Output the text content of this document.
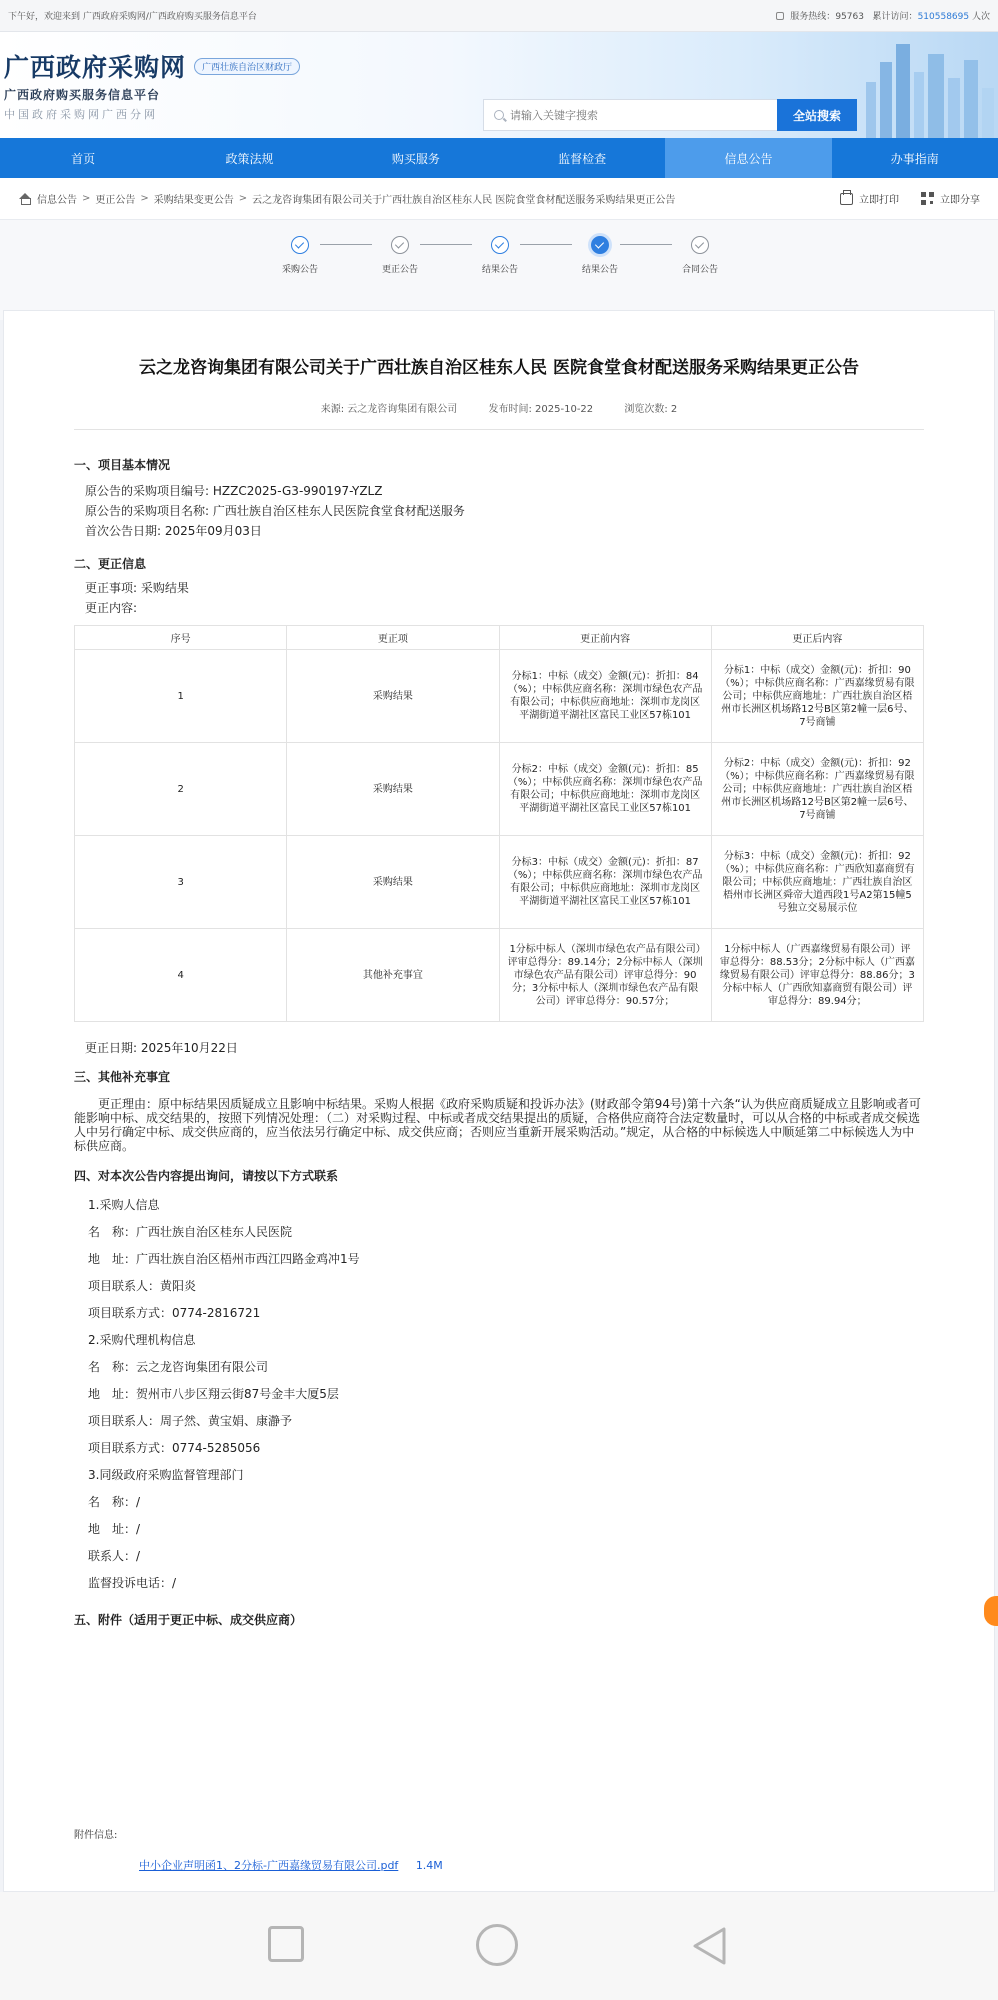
下午好，欢迎来到 广西政府采购网/广西政府购买服务信息平台	服务热线：95763 累计访问：510558695 人次
广西政府采购网	广西壮族自治区财政厅
广西政府购买服务信息平台
中国政府采购网广西分网
请输入关键字搜索	全站搜索
首页	政策法规	购买服务	监督检查	信息公告	办事指南
信息公告 > 更正公告 > 采购结果变更公告 > 云之龙咨询集团有限公司关于广西壮族自治区桂东人民 医院食堂食材配送服务采购结果更正公告	立即打印	立即分享
采购公告	更正公告	结果公告	结果公告	合同公告
云之龙咨询集团有限公司关于广西壮族自治区桂东人民 医院食堂食材配送服务采购结果更正公告
来源: 云之龙咨询集团有限公司	发布时间: 2025-10-22	浏览次数: 2
一、项目基本情况
原公告的采购项目编号: HZZC2025-G3-990197-YZLZ
原公告的采购项目名称: 广西壮族自治区桂东人民医院食堂食材配送服务
首次公告日期: 2025年09月03日
二、更正信息
更正事项: 采购结果
更正内容:
序号	更正项	更正前内容	更正后内容
1	采购结果	分标1：中标（成交）金额(元)：折扣：84（%）；中标供应商名称：深圳市绿色农产品有限公司；中标供应商地址：深圳市龙岗区平湖街道平湖社区富民工业区57栋101	分标1：中标（成交）金额(元)：折扣：90（%）；中标供应商名称：广西嘉缘贸易有限公司；中标供应商地址：广西壮族自治区梧州市长洲区机场路12号B区第2幢一层6号、7号商铺
2	采购结果	分标2：中标（成交）金额(元)：折扣：85（%）；中标供应商名称：深圳市绿色农产品有限公司；中标供应商地址：深圳市龙岗区平湖街道平湖社区富民工业区57栋101	分标2：中标（成交）金额(元)：折扣：92（%）；中标供应商名称：广西嘉缘贸易有限公司；中标供应商地址：广西壮族自治区梧州市长洲区机场路12号B区第2幢一层6号、7号商铺
3	采购结果	分标3：中标（成交）金额(元)：折扣：87（%）；中标供应商名称：深圳市绿色农产品有限公司；中标供应商地址：深圳市龙岗区平湖街道平湖社区富民工业区57栋101	分标3：中标（成交）金额(元)：折扣：92（%）；中标供应商名称：广西欣知嘉商贸有限公司；中标供应商地址：广西壮族自治区梧州市长洲区舜帝大道西段1号A2第15幢5号独立交易展示位
4	其他补充事宜	1分标中标人（深圳市绿色农产品有限公司）评审总得分：89.14分；2分标中标人（深圳市绿色农产品有限公司）评审总得分：90分；3分标中标人（深圳市绿色农产品有限公司）评审总得分：90.57分；	1分标中标人（广西嘉缘贸易有限公司）评审总得分：88.53分；2分标中标人（广西嘉缘贸易有限公司）评审总得分：88.86分；3分标中标人（广西欣知嘉商贸有限公司）评审总得分：89.94分；
更正日期: 2025年10月22日
三、其他补充事宜
更正理由：原中标结果因质疑成立且影响中标结果。采购人根据《政府采购质疑和投诉办法》(财政部令第94号)第十六条“认为供应商质疑成立且影响或者可能影响中标、成交结果的，按照下列情况处理：（二）对采购过程、中标或者成交结果提出的质疑，合格供应商符合法定数量时，可以从合格的中标或者成交候选人中另行确定中标、成交供应商的，应当依法另行确定中标、成交供应商；否则应当重新开展采购活动。”规定，从合格的中标候选人中顺延第二中标候选人为中标供应商。
四、对本次公告内容提出询问，请按以下方式联系
1.采购人信息
名　称：广西壮族自治区桂东人民医院
地　址：广西壮族自治区梧州市西江四路金鸡冲1号
项目联系人：黄阳炎
项目联系方式：0774-2816721
2.采购代理机构信息
名　称：云之龙咨询集团有限公司
地　址：贺州市八步区翔云街87号金丰大厦5层
项目联系人：周子然、黄宝娟、康瀞予
项目联系方式：0774-5285056
3.同级政府采购监督管理部门
名　称：/
地　址：/
联系人：/
监督投诉电话：/
五、附件（适用于更正中标、成交供应商）
附件信息:
中小企业声明函1、2分标-广西嘉缘贸易有限公司.pdf 1.4M
